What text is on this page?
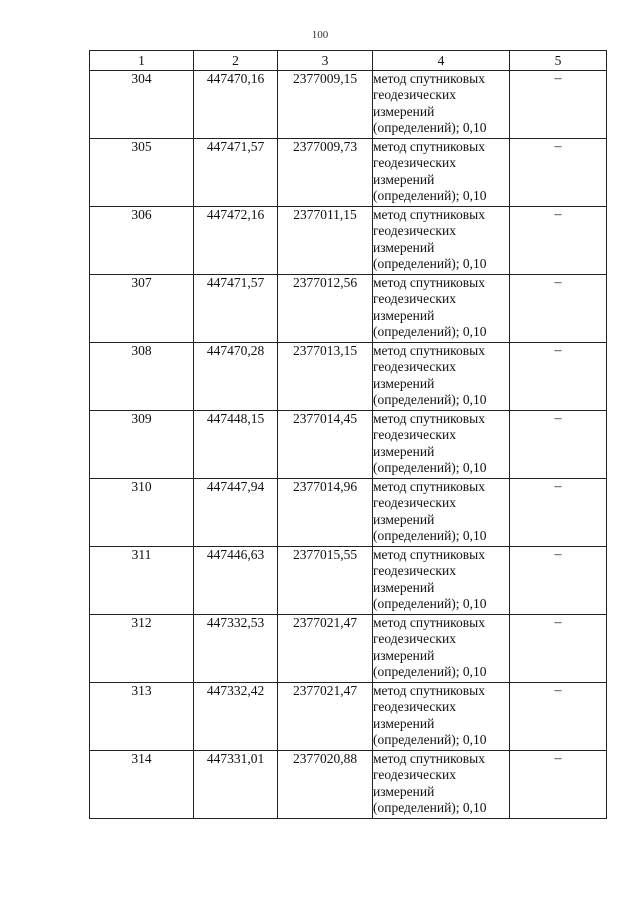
100
1	2	3	4	5
304	447470,16	2377009,15	метод спутниковых
геодезических
измерений
(определений); 0,10	–
305	447471,57	2377009,73	метод спутниковых
геодезических
измерений
(определений); 0,10	–
306	447472,16	2377011,15	метод спутниковых
геодезических
измерений
(определений); 0,10	–
307	447471,57	2377012,56	метод спутниковых
геодезических
измерений
(определений); 0,10	–
308	447470,28	2377013,15	метод спутниковых
геодезических
измерений
(определений); 0,10	–
309	447448,15	2377014,45	метод спутниковых
геодезических
измерений
(определений); 0,10	–
310	447447,94	2377014,96	метод спутниковых
геодезических
измерений
(определений); 0,10	–
311	447446,63	2377015,55	метод спутниковых
геодезических
измерений
(определений); 0,10	–
312	447332,53	2377021,47	метод спутниковых
геодезических
измерений
(определений); 0,10	–
313	447332,42	2377021,47	метод спутниковых
геодезических
измерений
(определений); 0,10	–
314	447331,01	2377020,88	метод спутниковых
геодезических
измерений
(определений); 0,10	–
